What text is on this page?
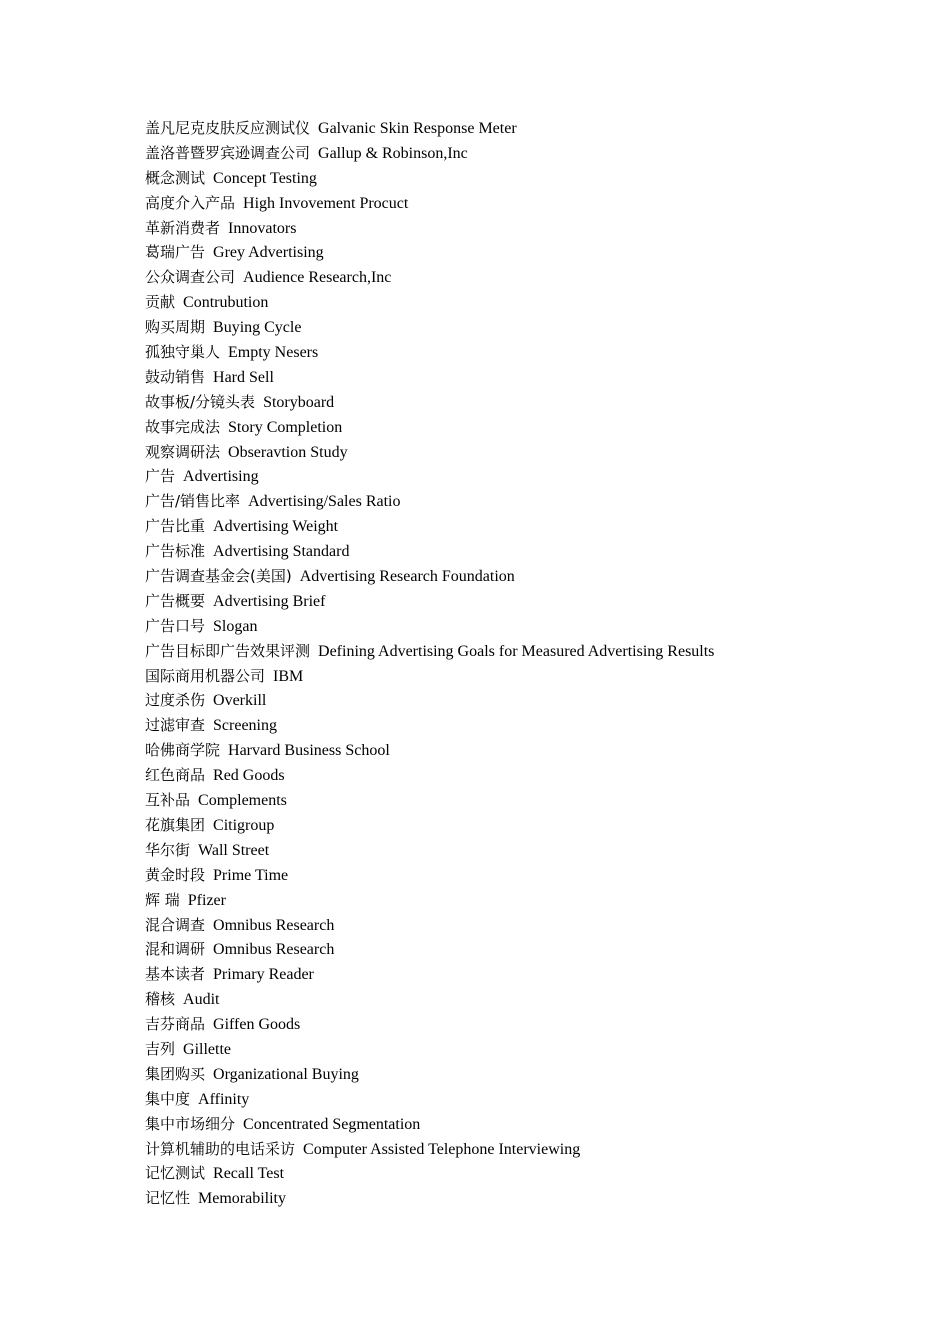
盖凡尼克皮肤反应测试仪 Galvanic Skin Response Meter
盖洛普暨罗宾逊调查公司 Gallup & Robinson,Inc
概念测试 Concept Testing
高度介入产品 High Invovement Procuct
革新消费者 Innovators
葛瑞广告 Grey Advertising
公众调查公司 Audience Research,Inc
贡献 Contrubution
购买周期 Buying Cycle
孤独守巢人 Empty Nesers
鼓动销售 Hard Sell
故事板/分镜头表 Storyboard
故事完成法 Story Completion
观察调研法 Obseravtion Study
广告 Advertising
广告/销售比率 Advertising/Sales Ratio
广告比重 Advertising Weight
广告标准 Advertising Standard
广告调查基金会(美国) Advertising Research Foundation
广告概要 Advertising Brief
广告口号 Slogan
广告目标即广告效果评测 Defining Advertising Goals for Measured Advertising Results
国际商用机器公司 IBM
过度杀伤 Overkill
过滤审查 Screening
哈佛商学院 Harvard Business School
红色商品 Red Goods
互补品 Complements
花旗集团 Citigroup
华尔街 Wall Street
黄金时段 Prime Time
辉 瑞 Pfizer
混合调查 Omnibus Research
混和调研 Omnibus Research
基本读者 Primary Reader
稽核 Audit
吉芬商品 Giffen Goods
吉列 Gillette
集团购买 Organizational Buying
集中度 Affinity
集中市场细分 Concentrated Segmentation
计算机辅助的电话采访 Computer Assisted Telephone Interviewing
记忆测试 Recall Test
记忆性 Memorability
